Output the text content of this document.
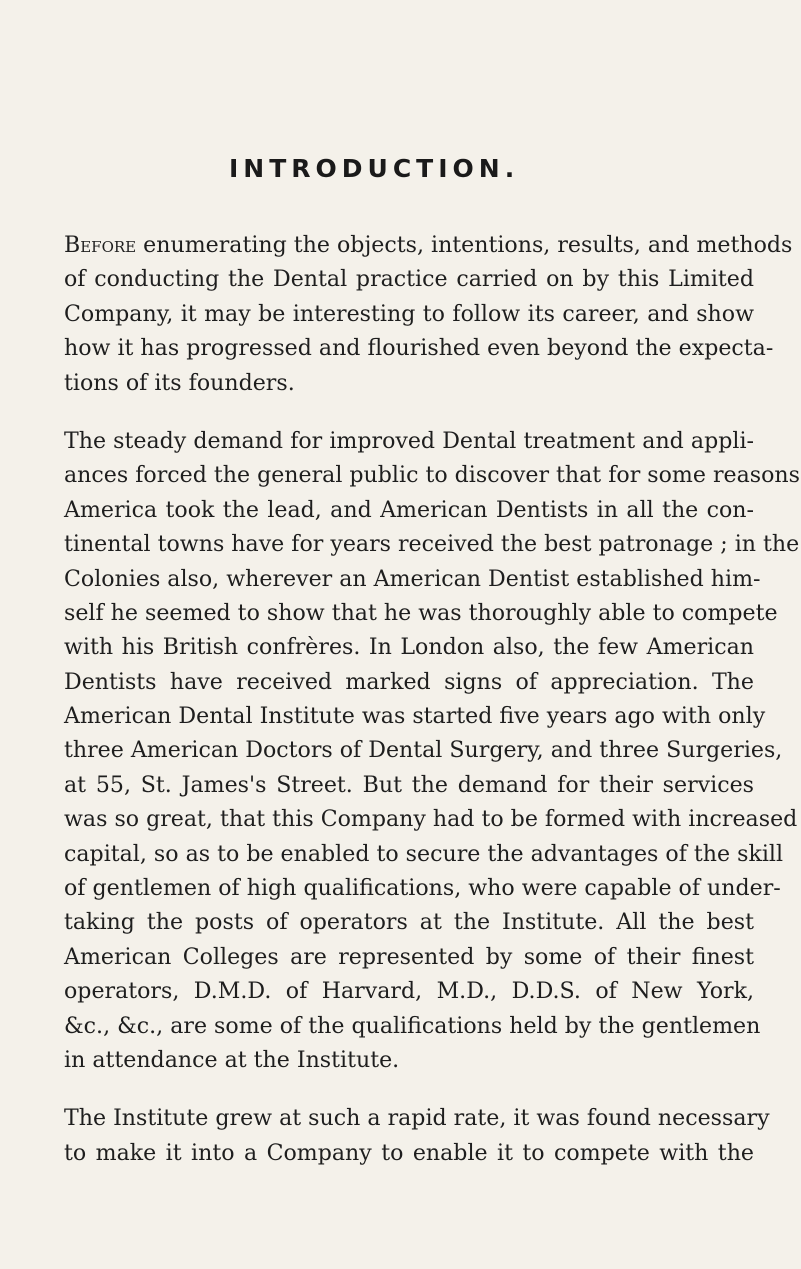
INTRODUCTION.
Before enumerating the objects, intentions, results, and methods
of conducting the Dental practice carried on by this Limited
Company, it may be interesting to follow its career, and show
how it has progressed and flourished even beyond the expecta-
tions of its founders.
The steady demand for improved Dental treatment and appli-
ances forced the general public to discover that for some reasons
America took the lead, and American Dentists in all the con-
tinental towns have for years received the best patronage ; in the
Colonies also, wherever an American Dentist established him-
self he seemed to show that he was thoroughly able to compete
with his British confrères. In London also, the few American
Dentists have received marked signs of appreciation. The
American Dental Institute was started five years ago with only
three American Doctors of Dental Surgery, and three Surgeries,
at 55, St. James's Street. But the demand for their services
was so great, that this Company had to be formed with increased
capital, so as to be enabled to secure the advantages of the skill
of gentlemen of high qualifications, who were capable of under-
taking the posts of operators at the Institute. All the best
American Colleges are represented by some of their finest
operators, D.M.D. of Harvard, M.D., D.D.S. of New York,
&c., &c., are some of the qualifications held by the gentlemen
in attendance at the Institute.
The Institute grew at such a rapid rate, it was found necessary
to make it into a Company to enable it to compete with the
